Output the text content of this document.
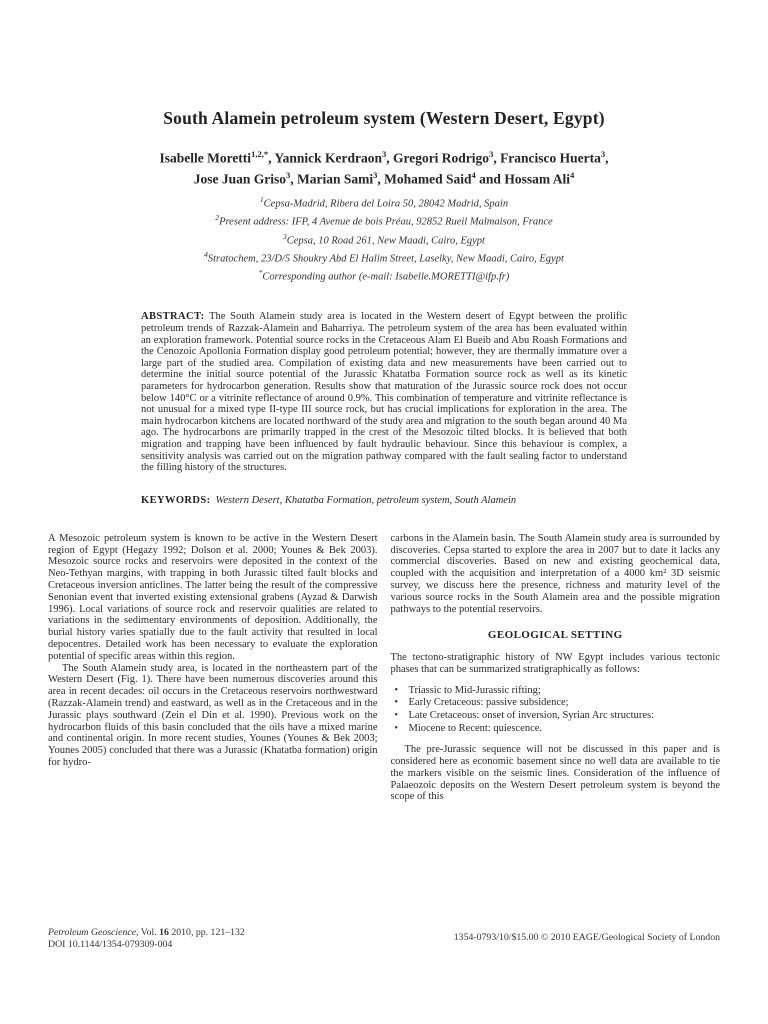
South Alamein petroleum system (Western Desert, Egypt)
Isabelle Moretti$^{1,2,*}$, Yannick Kerdraon$^3$, Gregori Rodrigo$^3$, Francisco Huerta$^3$,
Jose Juan Griso$^3$, Marian Sami$^3$, Mohamed Said$^4$ and Hossam Ali$^4$
$^1$Cepsa-Madrid, Ribera del Loira 50, 28042 Madrid, Spain
$^2$Present address: IFP, 4 Avenue de bois Préau, 92852 Rueil Malmaison, France
$^3$Cepsa, 10 Road 261, New Maadi, Cairo, Egypt
$^4$Stratochem, 23/D/5 Shoukry Abd El Halim Street, Laselky, New Maadi, Cairo, Egypt
*Corresponding author (e-mail: Isabelle.MORETTI@ifp.fr)
ABSTRACT: The South Alamein study area is located in the Western desert of Egypt between the prolific petroleum trends of Razzak-Alamein and Baharriya. The petroleum system of the area has been evaluated within an exploration framework. Potential source rocks in the Cretaceous Alam El Bueib and Abu Roash Formations and the Cenozoic Apollonia Formation display good petroleum potential; however, they are thermally immature over a large part of the studied area. Compilation of existing data and new measurements have been carried out to determine the initial source potential of the Jurassic Khatatba Formation source rock as well as its kinetic parameters for hydrocarbon generation. Results show that maturation of the Jurassic source rock does not occur below 140°C or a vitrinite reflectance of around 0.9%. This combination of temperature and vitrinite reflectance is not unusual for a mixed type II-type III source rock, but has crucial implications for exploration in the area. The main hydrocarbon kitchens are located northward of the study area and migration to the south began around 40 Ma ago. The hydrocarbons are primarily trapped in the crest of the Mesozoic tilted blocks. It is believed that both migration and trapping have been influenced by fault hydraulic behaviour. Since this behaviour is complex, a sensitivity analysis was carried out on the migration pathway compared with the fault sealing factor to understand the filling history of the structures.
KEYWORDS: Western Desert, Khatatba Formation, petroleum system, South Alamein

A Mesozoic petroleum system is known to be active in the Western Desert region of Egypt (Hegazy 1992; Dolson et al. 2000; Younes & Bek 2003). Mesozoic source rocks and reservoirs were deposited in the context of the Neo-Tethyan margins, with trapping in both Jurassic tilted fault blocks and Cretaceous inversion anticlines. The latter being the result of the compressive Senonian event that inverted existing extensional grabens (Ayzad & Darwish 1996). Local variations of source rock and reservoir qualities are related to variations in the sedimentary environments of deposition. Additionally, the burial history varies spatially due to the fault activity that resulted in local depocentres. Detailed work has been necessary to evaluate the exploration potential of specific areas within this region.

The South Alamein study area, is located in the northeastern part of the Western Desert (Fig. 1). There have been numerous discoveries around this area in recent decades: oil occurs in the Cretaceous reservoirs northwestward (Razzak-Alamein trend) and eastward, as well as in the Cretaceous and in the Jurassic plays southward (Zein el Din et al. 1990). Previous work on the hydrocarbon fluids of this basin concluded that the oils have a mixed marine and continental origin. In more recent studies, Younes (Younes & Bek 2003; Younes 2005) concluded that there was a Jurassic (Khatatba formation) origin for hydro-

carbons in the Alamein basin. The South Alamein study area is surrounded by discoveries. Cepsa started to explore the area in 2007 but to date it lacks any commercial discoveries. Based on new and existing geochemical data, coupled with the acquisition and interpretation of a 4000 km² 3D seismic survey, we discuss here the presence, richness and maturity level of the various source rocks in the South Alamein area and the possible migration pathways to the potential reservoirs.

GEOLOGICAL SETTING

The tectono-stratigraphic history of NW Egypt includes various tectonic phases that can be summarized stratigraphically as follows:

• Triassic to Mid-Jurassic rifting;
• Early Cretaceous: passive subsidence;
• Late Cretaceous: onset of inversion, Syrian Arc structures:
• Miocene to Recent: quiescence.

The pre-Jurassic sequence will not be discussed in this paper and is considered here as economic basement since no well data are available to tie the markers visible on the seismic lines. Consideration of the influence of Palaeozoic deposits on the Western Desert petroleum system is beyond the scope of this

Petroleum Geoscience, Vol. 16 2010, pp. 121–132
DOI 10.1144/1354-079309-004
1354-0793/10/$15.00 © 2010 EAGE/Geological Society of London
